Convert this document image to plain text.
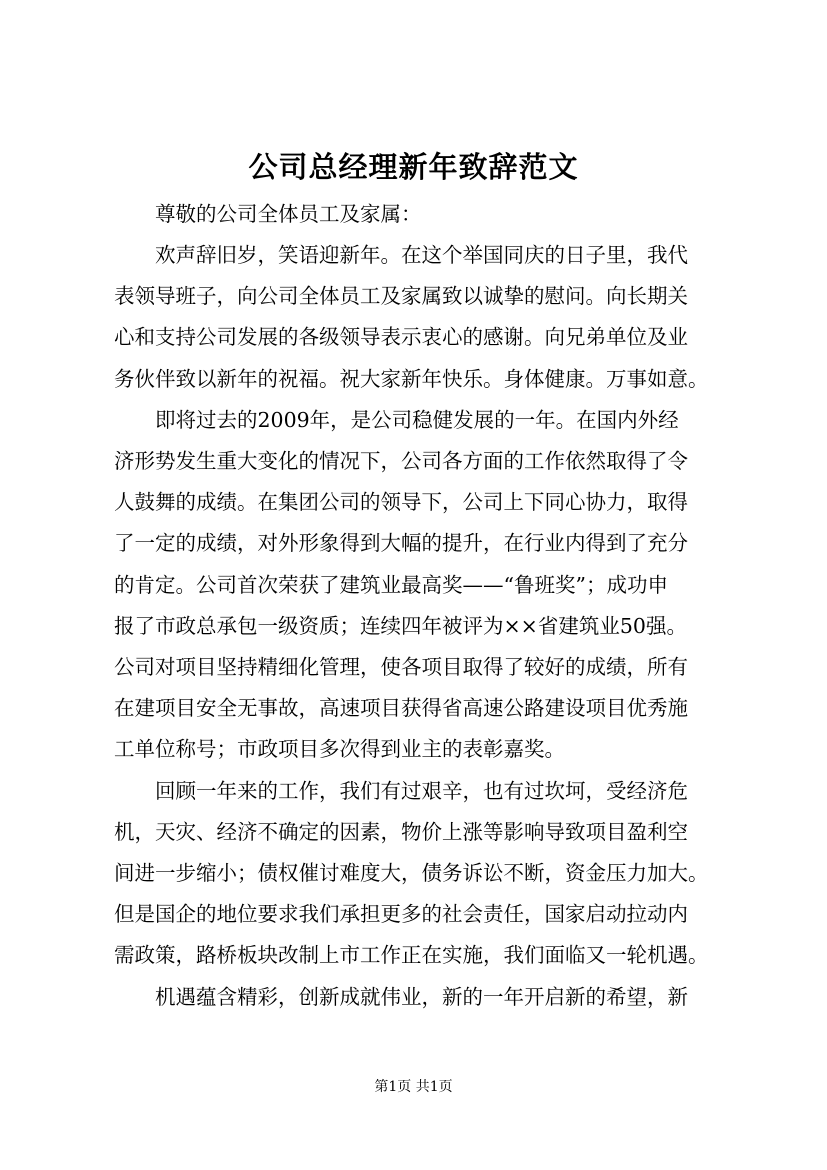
公司总经理新年致辞范文
尊敬的公司全体员工及家属：
欢声辞旧岁，笑语迎新年。在这个举国同庆的日子里，我代
表领导班子，向公司全体员工及家属致以诚挚的慰问。向长期关
心和支持公司发展的各级领导表示衷心的感谢。向兄弟单位及业
务伙伴致以新年的祝福。祝大家新年快乐。身体健康。万事如意。
即将过去的2009年，是公司稳健发展的一年。在国内外经
济形势发生重大变化的情况下，公司各方面的工作依然取得了令
人鼓舞的成绩。在集团公司的领导下，公司上下同心协力，取得
了一定的成绩，对外形象得到大幅的提升，在行业内得到了充分
的肯定。公司首次荣获了建筑业最高奖——“鲁班奖”；成功申
报了市政总承包一级资质；连续四年被评为××省建筑业50强。
公司对项目坚持精细化管理，使各项目取得了较好的成绩，所有
在建项目安全无事故，高速项目获得省高速公路建设项目优秀施
工单位称号；市政项目多次得到业主的表彰嘉奖。
回顾一年来的工作，我们有过艰辛，也有过坎坷，受经济危
机，天灾、经济不确定的因素，物价上涨等影响导致项目盈利空
间进一步缩小；债权催讨难度大，债务诉讼不断，资金压力加大。
但是国企的地位要求我们承担更多的社会责任，国家启动拉动内
需政策，路桥板块改制上市工作正在实施，我们面临又一轮机遇。
机遇蕴含精彩，创新成就伟业，新的一年开启新的希望，新
第1页 共1页
